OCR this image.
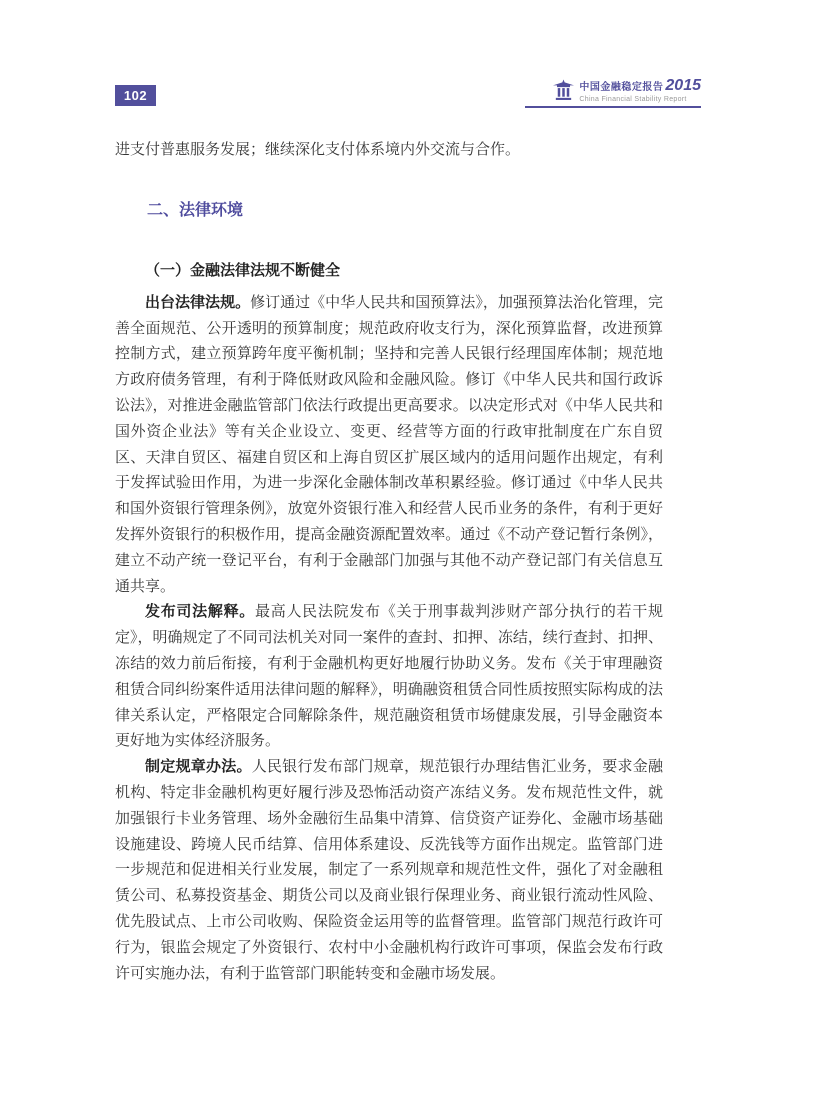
102
中国金融稳定报告 2015
China Financial Stability Report

进支付普惠服务发展；继续深化支付体系境内外交流与合作。

二、法律环境
（一）金融法律法规不断健全

出台法律法规。修订通过《中华人民共和国预算法》，加强预算法治化管理，完善全面规范、公开透明的预算制度；规范政府收支行为，深化预算监督，改进预算控制方式，建立预算跨年度平衡机制；坚持和完善人民银行经理国库体制；规范地方政府债务管理，有利于降低财政风险和金融风险。修订《中华人民共和国行政诉讼法》，对推进金融监管部门依法行政提出更高要求。以决定形式对《中华人民共和国外资企业法》等有关企业设立、变更、经营等方面的行政审批制度在广东自贸区、天津自贸区、福建自贸区和上海自贸区扩展区域内的适用问题作出规定，有利于发挥试验田作用，为进一步深化金融体制改革积累经验。修订通过《中华人民共和国外资银行管理条例》，放宽外资银行准入和经营人民币业务的条件，有利于更好发挥外资银行的积极作用，提高金融资源配置效率。通过《不动产登记暂行条例》，建立不动产统一登记平台，有利于金融部门加强与其他不动产登记部门有关信息互通共享。

发布司法解释。最高人民法院发布《关于刑事裁判涉财产部分执行的若干规定》，明确规定了不同司法机关对同一案件的查封、扣押、冻结，续行查封、扣押、冻结的效力前后衔接，有利于金融机构更好地履行协助义务。发布《关于审理融资租赁合同纠纷案件适用法律问题的解释》，明确融资租赁合同性质按照实际构成的法律关系认定，严格限定合同解除条件，规范融资租赁市场健康发展，引导金融资本更好地为实体经济服务。

制定规章办法。人民银行发布部门规章，规范银行办理结售汇业务，要求金融机构、特定非金融机构更好履行涉及恐怖活动资产冻结义务。发布规范性文件，就加强银行卡业务管理、场外金融衍生品集中清算、信贷资产证券化、金融市场基础设施建设、跨境人民币结算、信用体系建设、反洗钱等方面作出规定。监管部门进一步规范和促进相关行业发展，制定了一系列规章和规范性文件，强化了对金融租赁公司、私募投资基金、期货公司以及商业银行保理业务、商业银行流动性风险、优先股试点、上市公司收购、保险资金运用等的监督管理。监管部门规范行政许可行为，银监会规定了外资银行、农村中小金融机构行政许可事项，保监会发布行政许可实施办法，有利于监管部门职能转变和金融市场发展。
